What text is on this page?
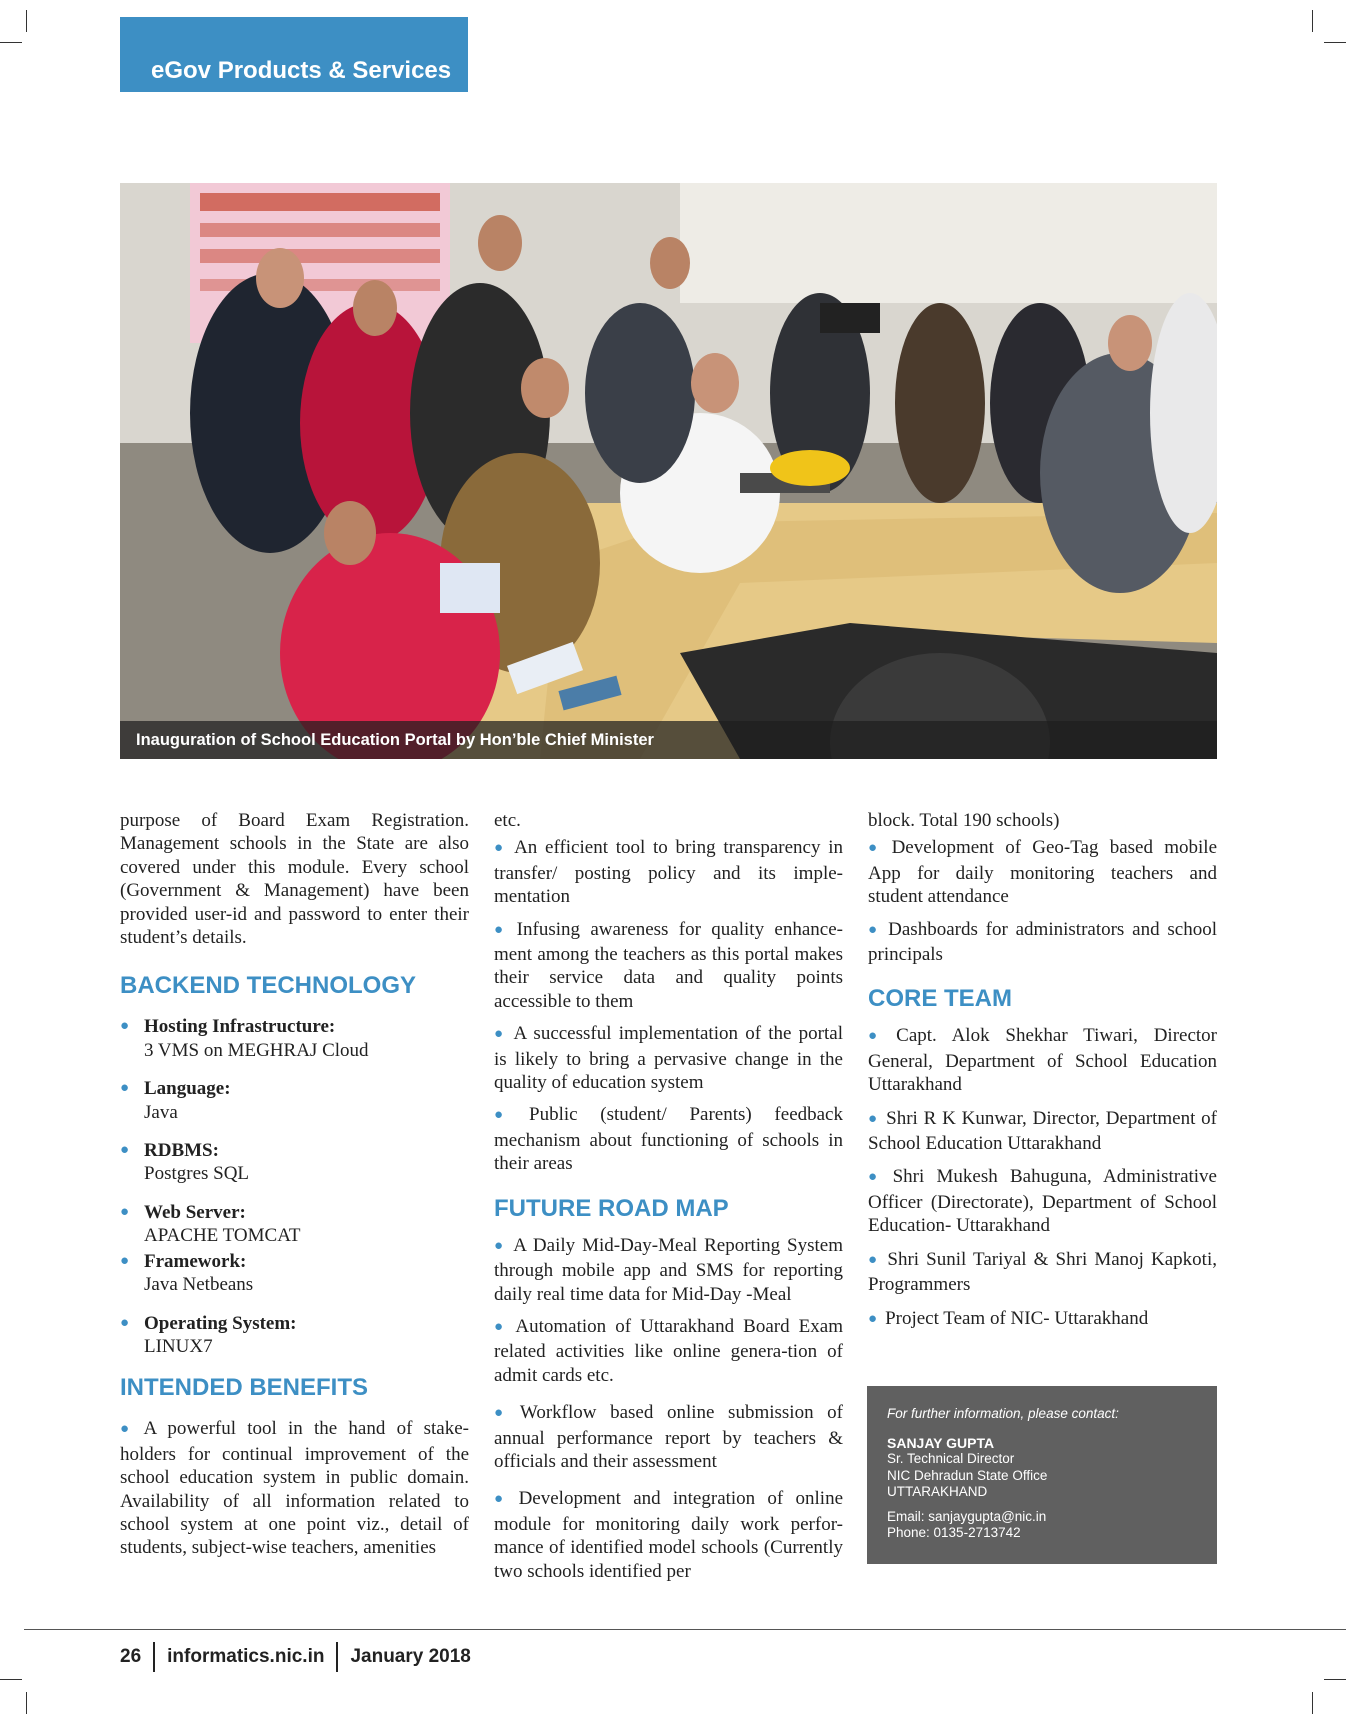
eGov Products & Services
Inauguration of School Education Portal by Hon’ble Chief Minister

purpose of Board Exam Registration. Management schools in the State are also covered under this module. Every school (Government & Management) have been provided user-id and password to enter their student’s details.

BACKEND TECHNOLOGY
● Hosting Infrastructure:
3 VMS on MEGHRAJ Cloud
● Language:
Java
● RDBMS:
Postgres SQL
● Web Server:
APACHE TOMCAT
● Framework:
Java Netbeans
● Operating System:
LINUX7
INTENDED BENEFITS

● A powerful tool in the hand of stake-holders for continual improvement of the school education system in public domain. Availability of all information related to school system at one point viz., detail of students, subject-wise teachers, amenities

etc.

● An efficient tool to bring transparency in transfer/ posting policy and its imple-mentation

● Infusing awareness for quality enhance-ment among the teachers as this portal makes their service data and quality points accessible to them

● A successful implementation of the portal is likely to bring a pervasive change in the quality of education system

● Public (student/ Parents) feedback mechanism about functioning of schools in their areas

FUTURE ROAD MAP

● A Daily Mid-Day-Meal Reporting System through mobile app and SMS for reporting daily real time data for Mid-Day -Meal

● Automation of Uttarakhand Board Exam related activities like online genera-tion of admit cards etc.

● Workflow based online submission of annual performance report by teachers & officials and their assessment

● Development and integration of online module for monitoring daily work perfor-mance of identified model schools (Currently two schools identified per

block. Total 190 schools)

● Development of Geo-Tag based mobile App for daily monitoring teachers and student attendance

● Dashboards for administrators and school principals

CORE TEAM

● Capt. Alok Shekhar Tiwari, Director General, Department of School Education Uttarakhand

● Shri R K Kunwar, Director, Department of School Education Uttarakhand

● Shri Mukesh Bahuguna, Administrative Officer (Directorate), Department of School Education- Uttarakhand

● Shri Sunil Tariyal & Shri Manoj Kapkoti, Programmers

● Project Team of NIC- Uttarakhand

For further information, please contact:
SANJAY GUPTA
Sr. Technical Director
NIC Dehradun State Office
UTTARAKHAND
Email: sanjaygupta@nic.in
Phone: 0135-2713742
26 informatics.nic.in January 2018
